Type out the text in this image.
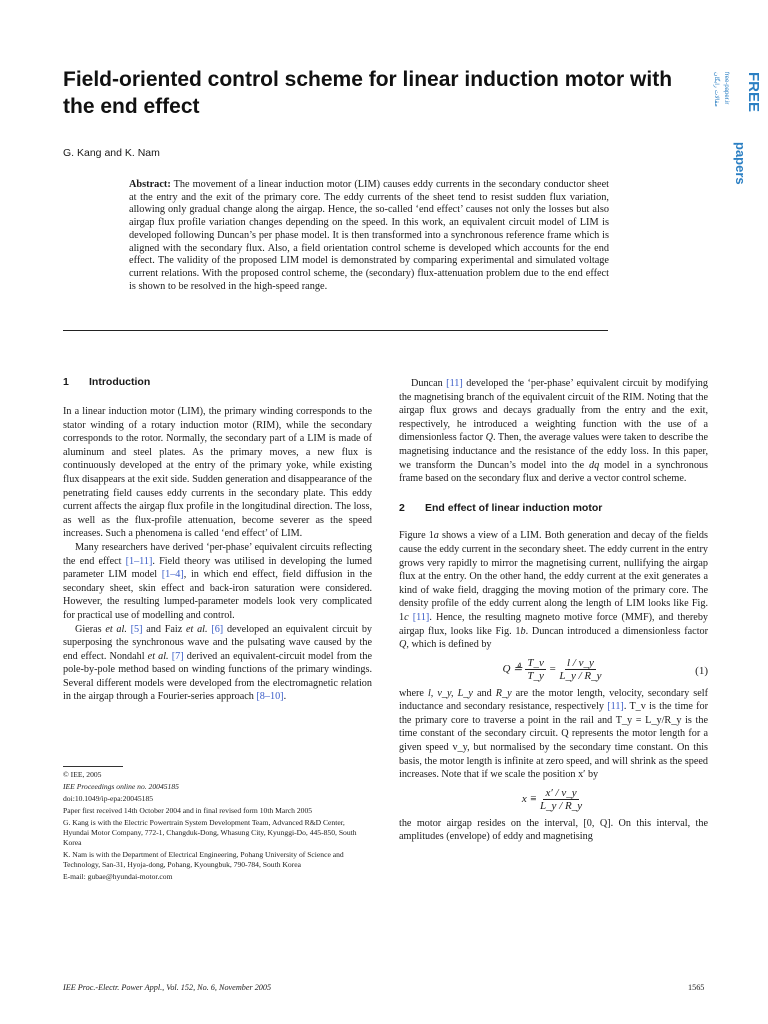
Field-oriented control scheme for linear induction motor with the end effect
G. Kang and K. Nam
FREE
papers
free-paper.ir
مقالات رایگان

Abstract: The movement of a linear induction motor (LIM) causes eddy currents in the secondary conductor sheet at the entry and the exit of the primary core. The eddy currents of the sheet tend to resist sudden flux variation, allowing only gradual change along the airgap. Hence, the so-called ‘end effect’ causes not only the losses but also airgap flux profile variation changes depending on the speed. In this work, an equivalent circuit model of LIM is developed following Duncan’s per phase model. It is then transformed into a synchronous reference frame which is aligned with the secondary flux. Also, a field orientation control scheme is developed which accounts for the end effect. The validity of the proposed LIM model is demonstrated by comparing experimental and simulated voltage current relations. With the proposed control scheme, the (secondary) flux-attenuation problem due to the end effect is shown to be resolved in the high-speed range.

1 Introduction

In a linear induction motor (LIM), the primary winding corresponds to the stator winding of a rotary induction motor (RIM), while the secondary corresponds to the rotor. Normally, the secondary part of a LIM is made of aluminum and steel plates. As the primary moves, a new flux is continuously developed at the entry of the primary yoke, while existing flux disappears at the exit side. Sudden generation and disappearance of the penetrating field causes eddy currents in the secondary plate. This eddy current affects the airgap flux profile in the longitudinal direction. The loss, as well as the flux-profile attenuation, become severer as the speed increases. Such a phenomena is called ‘end effect’ of LIM.

Many researchers have derived ‘per-phase’ equivalent circuits reflecting the end effect [1–11]. Field theory was utilised in developing the lumed parameter LIM model [1–4], in which end effect, field diffusion in the secondary sheet, skin effect and back-iron saturation were considered. However, the resulting lumped-parameter models look very complicated for practical use of modelling and control.

Gieras et al. [5] and Faiz et al. [6] developed an equivalent circuit by superposing the synchronous wave and the pulsating wave caused by the end effect. Nondahl et al. [7] derived an equivalent-circuit model from the pole-by-pole method based on winding functions of the primary windings. Several different models were developed from the electromagnetic relation in the airgap through a Fourier-series approach [8–10].

© IEE, 2005

IEE Proceedings online no. 20045185

doi:10.1049/ip-epa:20045185

Paper first received 14th October 2004 and in final revised form 10th March 2005

G. Kang is with the Electric Powertrain System Development Team, Advanced R&D Center, Hyundai Motor Company, 772-1, Changduk-Dong, Whasung City, Kyunggi-Do, 445-850, South Korea

K. Nam is with the Department of Electrical Engineering, Pohang University of Science and Technology, San-31, Hyoja-dong, Pohang, Kyoungbuk, 790-784, South Korea

E-mail: gubae@hyundai-motor.com

Duncan [11] developed the ‘per-phase’ equivalent circuit by modifying the magnetising branch of the equivalent circuit of the RIM. Noting that the airgap flux grows and decays gradually from the entry and the exit, respectively, he introduced a weighting function with the use of a dimensionless factor Q. Then, the average values were taken to describe the magnetising inductance and the resistance of the eddy loss. In this paper, we transform the Duncan’s model into the dq model in a synchronous frame based on the secondary flux and derive a vector control scheme.

2 End effect of linear induction motor

Figure 1a shows a view of a LIM. Both generation and decay of the fields cause the eddy current in the secondary sheet. The eddy current in the entry grows very rapidly to mirror the magnetising current, nullifying the airgap flux at the entry. On the other hand, the eddy current at the exit generates a kind of wake field, dragging the moving motion of the primary core. The density profile of the eddy current along the length of LIM looks like Fig. 1c [11]. Hence, the resulting magneto motive force (MMF), and thereby airgap flux, looks like Fig. 1b. Duncan introduced a dimensionless factor Q, which is defined by

Q ≜ $\frac{T\_v}{T\_y} = \frac{l / v\_y}{L\_y / R\_y}$	(1)

where l, v_y, L_y and R_y are the motor length, velocity, secondary self inductance and secondary resistance, respectively [11]. T_v is the time for the primary core to traverse a point in the rail and T_y = L_y/R_y is the time constant of the secondary circuit. Q represents the motor length for a given speed v_y, but normalised by the secondary time constant. On this basis, the motor length is infinite at zero speed, and will shrink as the speed increases. Note that if we scale the position x′ by

$x \equiv \frac{x' / v\_y}{L\_y / R\_y}$

the motor airgap resides on the interval, [0, Q]. On this interval, the amplitudes (envelope) of eddy and magnetising

IEE Proc.-Electr. Power Appl., Vol. 152, No. 6, November 2005	1565
